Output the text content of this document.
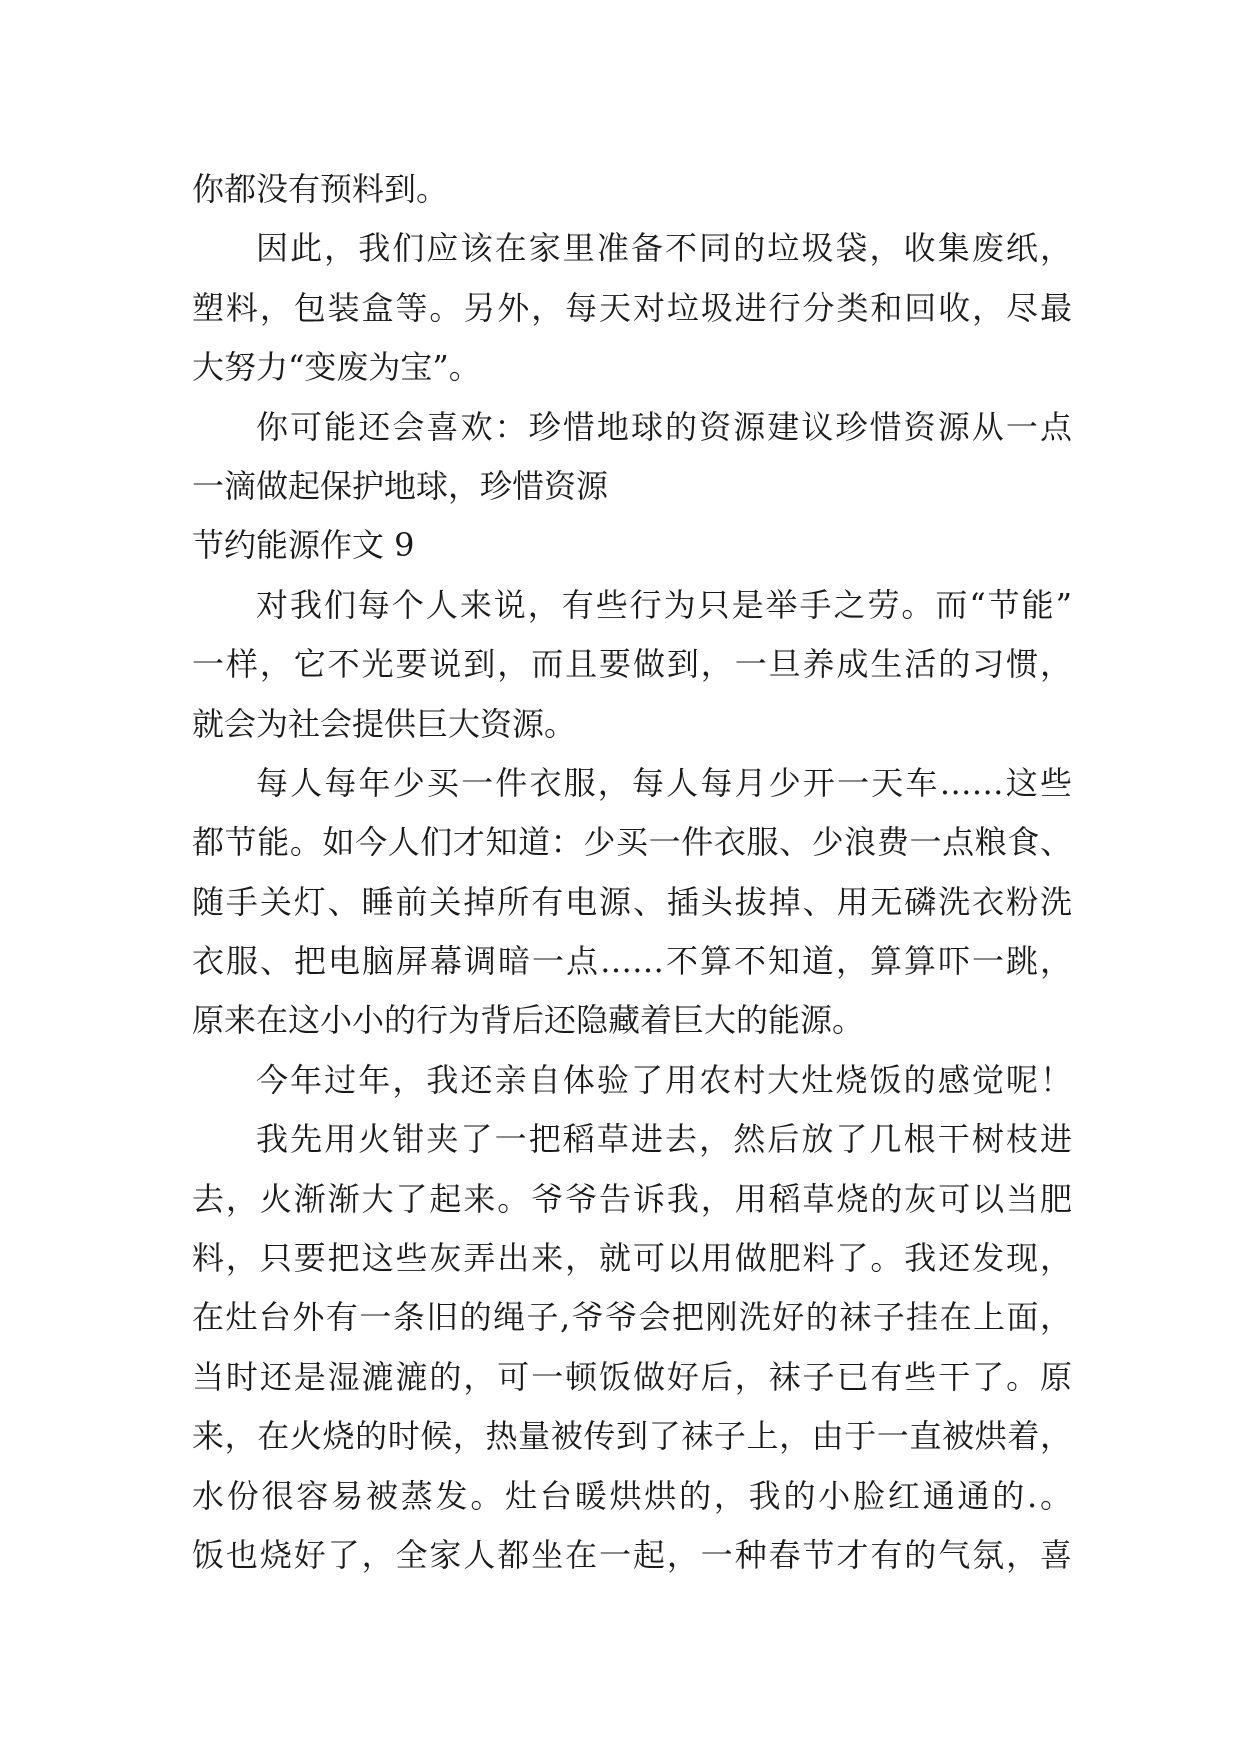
你都没有预料到。
因此，我们应该在家里准备不同的垃圾袋，收集废纸，
塑料，包装盒等。另外，每天对垃圾进行分类和回收，尽最
大努力“变废为宝”。
你可能还会喜欢：珍惜地球的资源建议珍惜资源从一点
一滴做起保护地球，珍惜资源
节约能源作文 9
对我们每个人来说，有些行为只是举手之劳。而“节能”
一样，它不光要说到，而且要做到，一旦养成生活的习惯，
就会为社会提供巨大资源。
每人每年少买一件衣服，每人每月少开一天车……这些
都节能。如今人们才知道：少买一件衣服、少浪费一点粮食、
随手关灯、睡前关掉所有电源、插头拔掉、用无磷洗衣粉洗
衣服、把电脑屏幕调暗一点……不算不知道，算算吓一跳，
原来在这小小的行为背后还隐藏着巨大的能源。
今年过年，我还亲自体验了用农村大灶烧饭的感觉呢！
我先用火钳夹了一把稻草进去，然后放了几根干树枝进
去，火渐渐大了起来。爷爷告诉我，用稻草烧的灰可以当肥
料，只要把这些灰弄出来，就可以用做肥料了。我还发现，
在灶台外有一条旧的绳子,爷爷会把刚洗好的袜子挂在上面，
当时还是湿漉漉的，可一顿饭做好后，袜子已有些干了。原
来，在火烧的时候，热量被传到了袜子上，由于一直被烘着，
水份很容易被蒸发。灶台暖烘烘的，我的小脸红通通的.。
饭也烧好了，全家人都坐在一起，一种春节才有的气氛，喜
